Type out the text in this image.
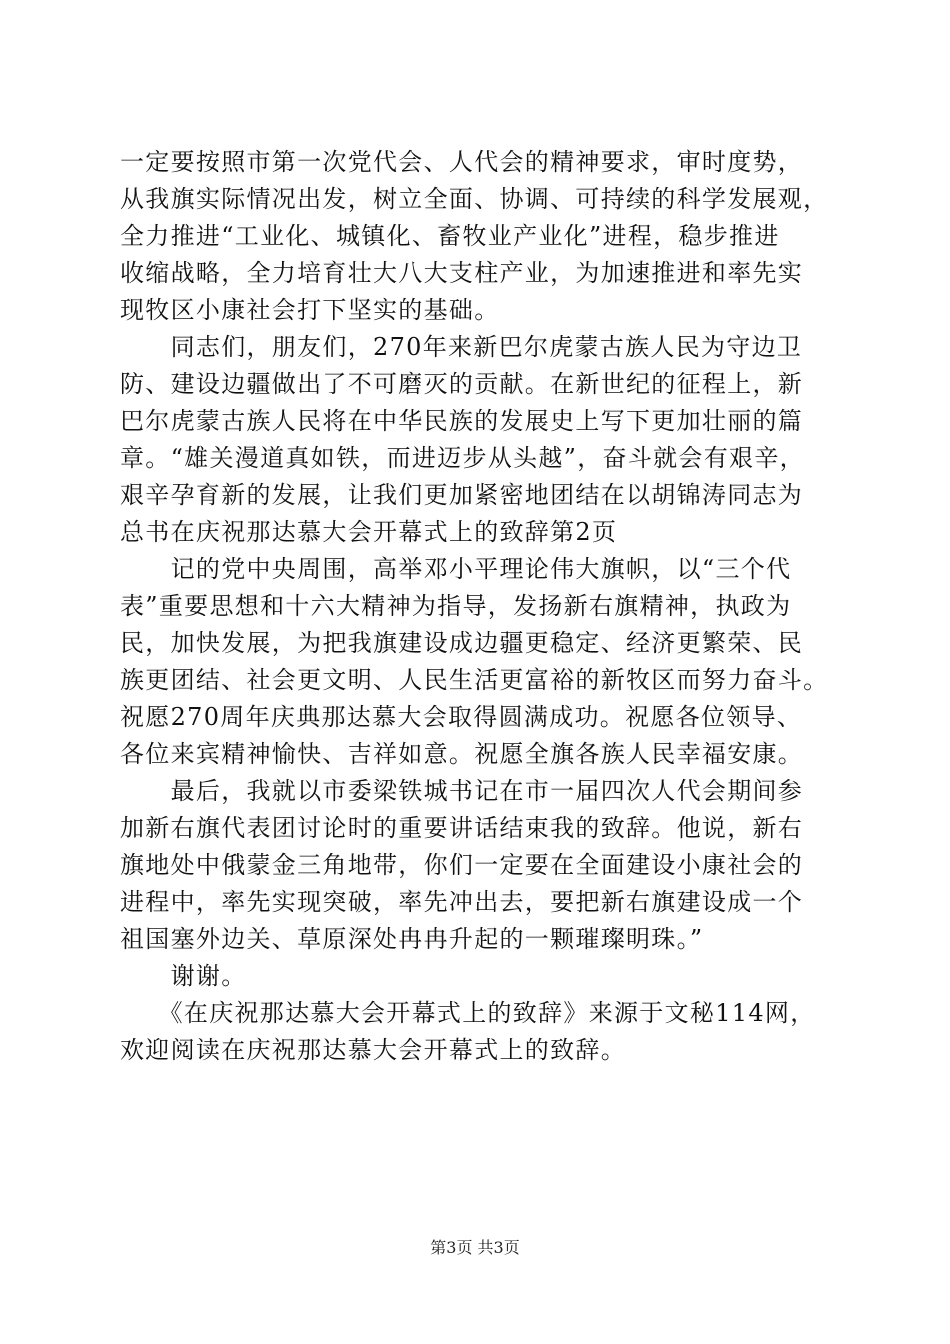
一定要按照市第一次党代会、人代会的精神要求，审时度势，
从我旗实际情况出发，树立全面、协调、可持续的科学发展观，
全力推进“工业化、城镇化、畜牧业产业化”进程，稳步推进
收缩战略，全力培育壮大八大支柱产业，为加速推进和率先实
现牧区小康社会打下坚实的基础。

　　同志们，朋友们，270年来新巴尔虎蒙古族人民为守边卫
防、建设边疆做出了不可磨灭的贡献。在新世纪的征程上，新
巴尔虎蒙古族人民将在中华民族的发展史上写下更加壮丽的篇
章。“雄关漫道真如铁，而进迈步从头越”，奋斗就会有艰辛，
艰辛孕育新的发展，让我们更加紧密地团结在以胡锦涛同志为
总书在庆祝那达慕大会开幕式上的致辞第2页

　　记的党中央周围，高举邓小平理论伟大旗帜，以“三个代
表”重要思想和十六大精神为指导，发扬新右旗精神，执政为
民，加快发展，为把我旗建设成边疆更稳定、经济更繁荣、民
族更团结、社会更文明、人民生活更富裕的新牧区而努力奋斗。
祝愿270周年庆典那达慕大会取得圆满成功。祝愿各位领导、
各位来宾精神愉快、吉祥如意。祝愿全旗各族人民幸福安康。

　　最后，我就以市委梁铁城书记在市一届四次人代会期间参
加新右旗代表团讨论时的重要讲话结束我的致辞。他说，新右
旗地处中俄蒙金三角地带，你们一定要在全面建设小康社会的
进程中，率先实现突破，率先冲出去，要把新右旗建设成一个
祖国塞外边关、草原深处冉冉升起的一颗璀璨明珠。”

　　谢谢。

　　《在庆祝那达慕大会开幕式上的致辞》来源于文秘114网，
欢迎阅读在庆祝那达慕大会开幕式上的致辞。

第3页 共3页
